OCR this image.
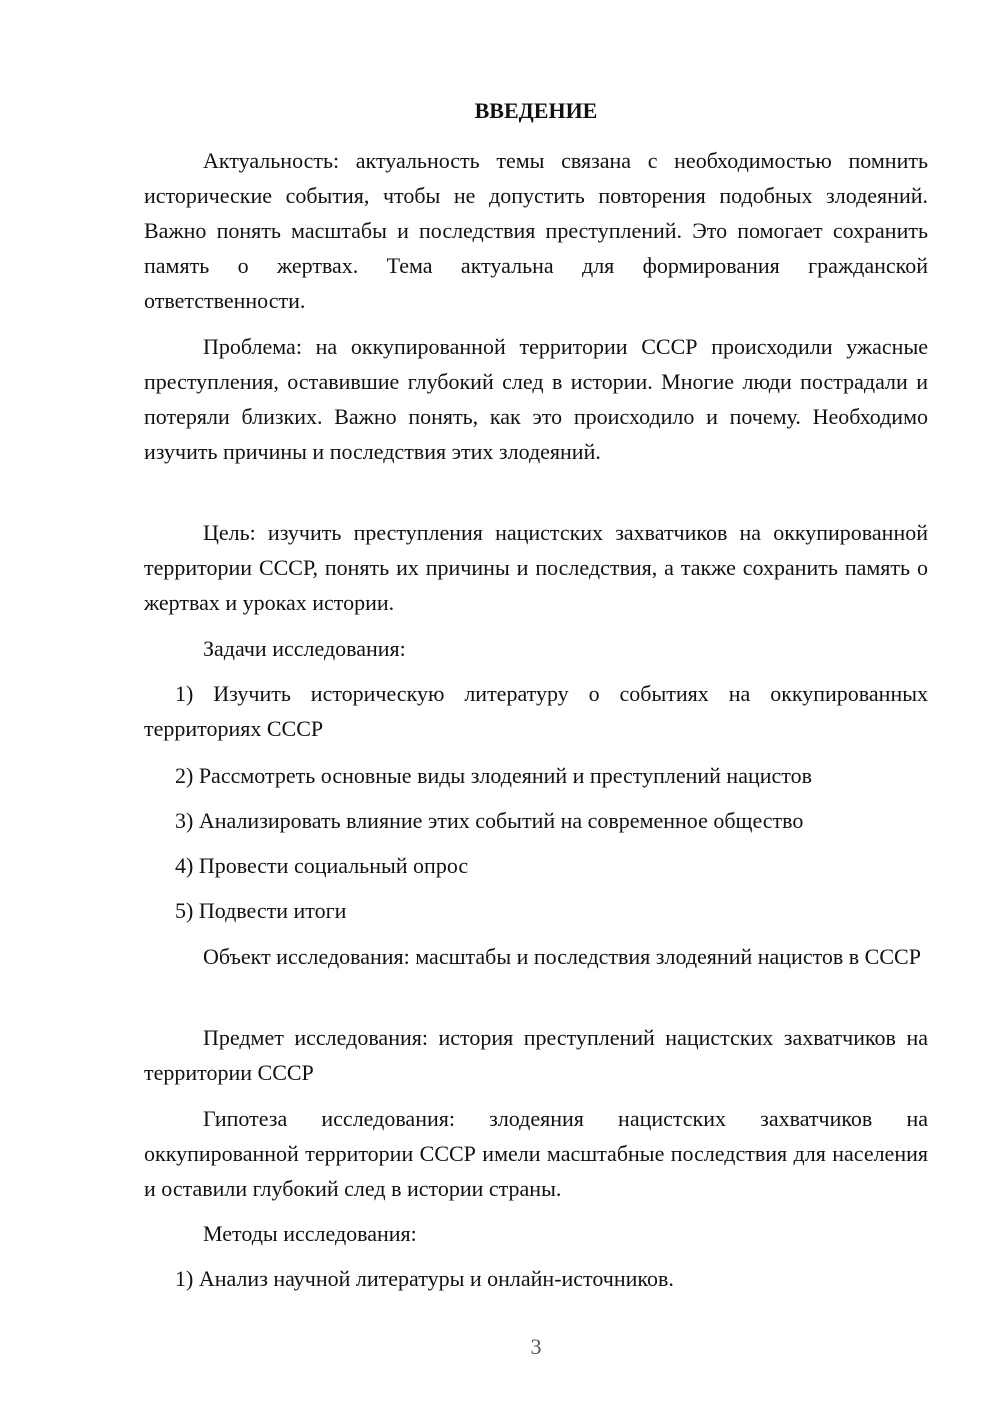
ВВЕДЕНИЕ

Актуальность: актуальность темы связана с необходимостью помнить исторические события, чтобы не допустить повторения подобных злодеяний. Важно понять масштабы и последствия преступлений. Это помогает сохранить память о жертвах. Тема актуальна для формирования гражданской ответственности.

Проблема: на оккупированной территории СССР происходили ужасные преступления, оставившие глубокий след в истории. Многие люди пострадали и потеряли близких. Важно понять, как это происходило и почему. Необходимо изучить причины и последствия этих злодеяний.

Цель: изучить преступления нацистских захватчиков на оккупированной территории СССР, понять их причины и последствия, а также сохранить память о жертвах и уроках истории.

Задачи исследования:

1) Изучить историческую литературу о событиях на оккупированных территориях СССР

2) Рассмотреть основные виды злодеяний и преступлений нацистов

3) Анализировать влияние этих событий на современное общество

4) Провести социальный опрос

5) Подвести итоги

Объект исследования: масштабы и последствия злодеяний нацистов в СССР

Предмет исследования: история преступлений нацистских захватчиков на территории СССР

Гипотеза исследования: злодеяния нацистских захватчиков на оккупированной территории СССР имели масштабные последствия для населения и оставили глубокий след в истории страны.

Методы исследования:

1) Анализ научной литературы и онлайн-источников.

3
